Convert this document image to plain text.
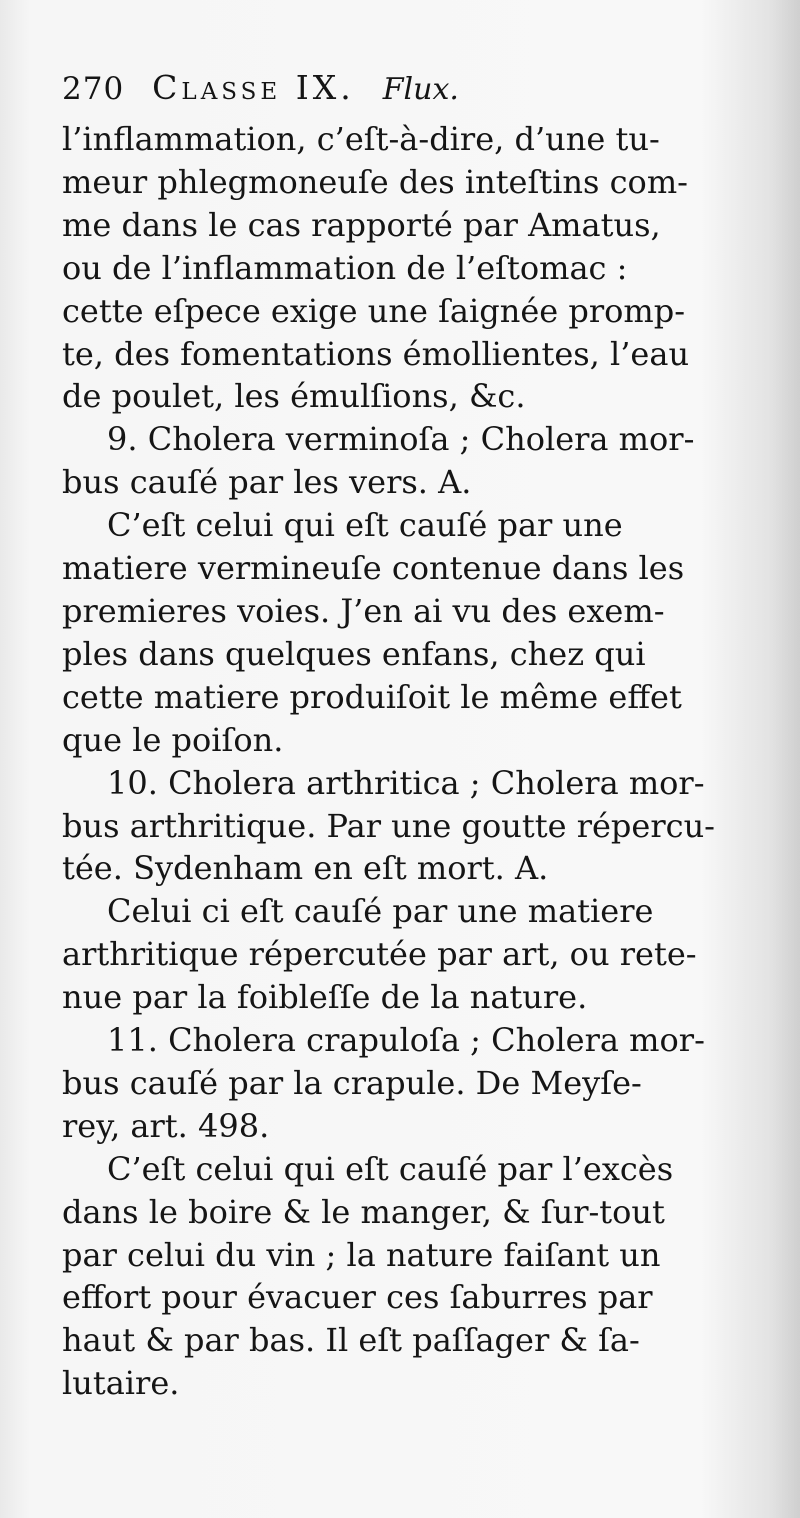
270 Classe IX. Flux.
l’inflammation, c’eſt-à-dire, d’une tu-
meur phlegmoneuſe des inteſtins com-
me dans le cas rapporté par Amatus,
ou de l’inflammation de l’eſtomac :
cette eſpece exige une ſaignée promp-
te, des fomentations émollientes, l’eau
de poulet, les émulſions, &c.
9. Cholera verminoſa ; Cholera mor-
bus cauſé par les vers. A.
C’eſt celui qui eſt cauſé par une
matiere vermineuſe contenue dans les
premieres voies. J’en ai vu des exem-
ples dans quelques enfans, chez qui
cette matiere produiſoit le même effet
que le poiſon.
10. Cholera arthritica ; Cholera mor-
bus arthritique. Par une goutte répercu-
tée. Sydenham en eſt mort. A.
Celui ci eſt cauſé par une matiere
arthritique répercutée par art, ou rete-
nue par la foibleſſe de la nature.
11. Cholera crapuloſa ; Cholera mor-
bus cauſé par la crapule. De Meyſe-
rey, art. 498.
C’eſt celui qui eſt cauſé par l’excès
dans le boire & le manger, & ſur-tout
par celui du vin ; la nature faiſant un
effort pour évacuer ces ſaburres par
haut & par bas. Il eſt paſſager & ſa-
lutaire.
